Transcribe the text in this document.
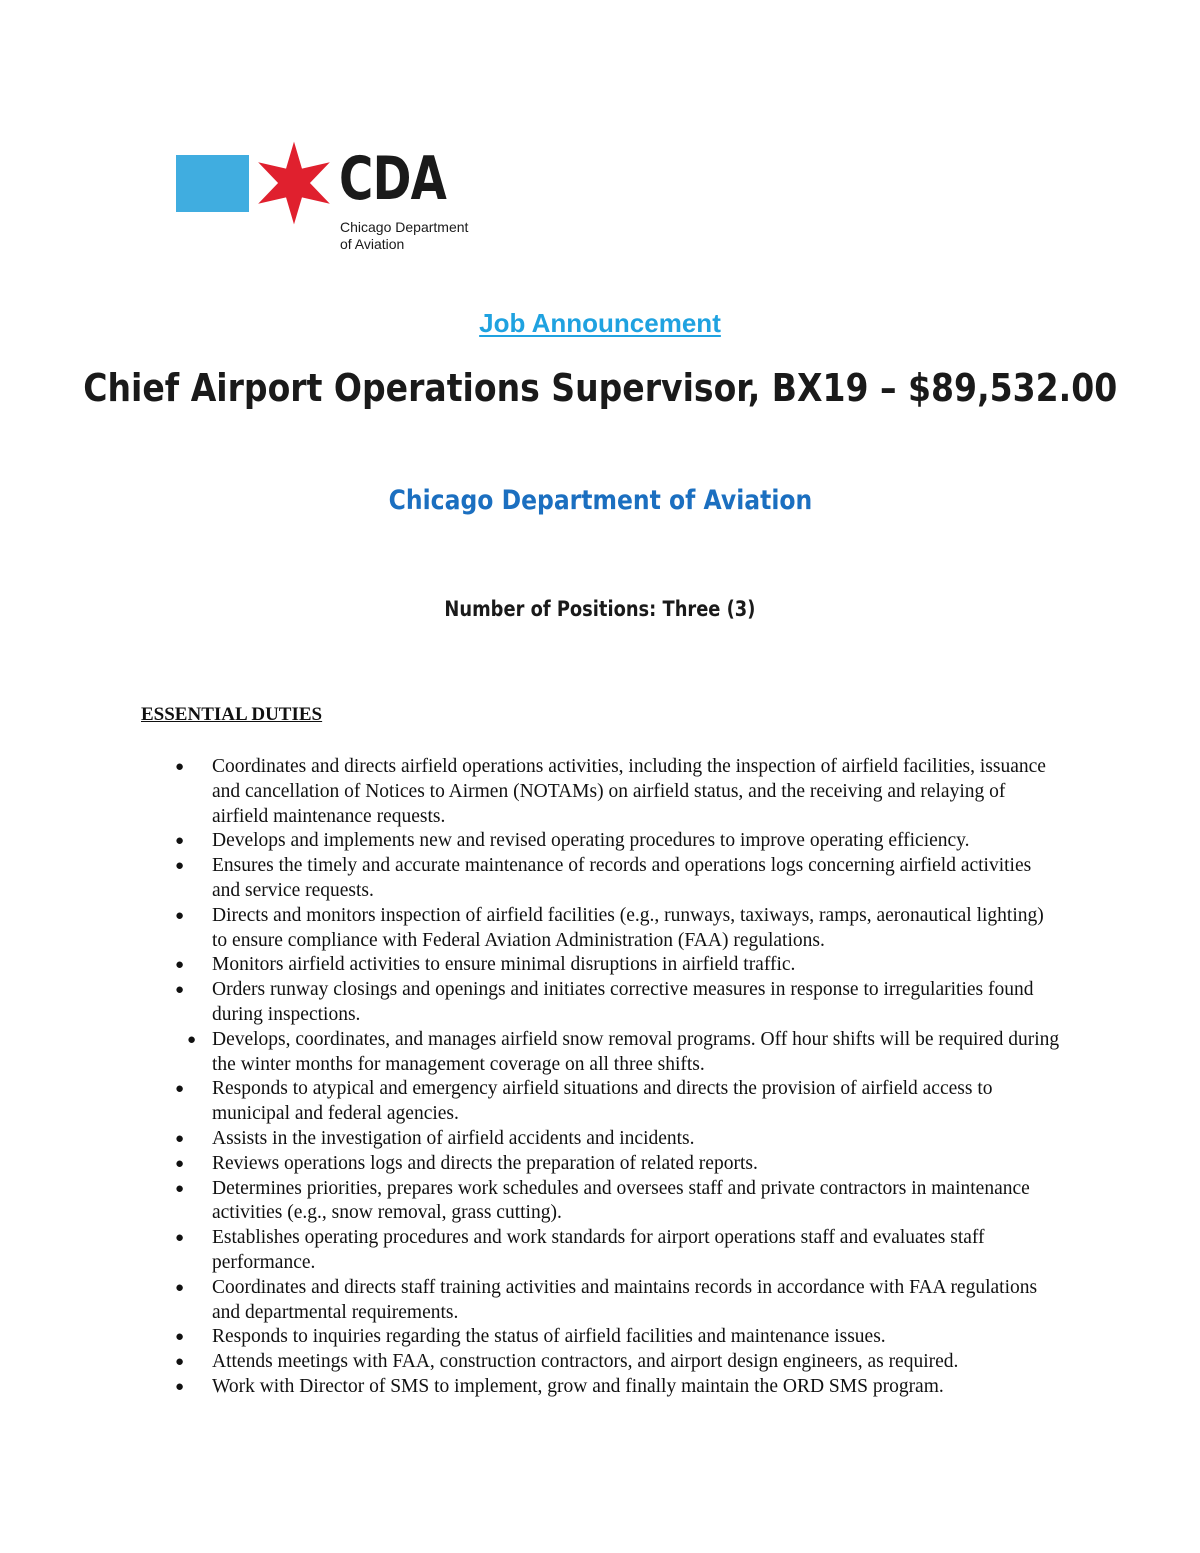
CDA
Chicago Department
of Aviation
Job Announcement
Chief Airport Operations Supervisor, BX19 – $89,532.00
Chicago Department of Aviation
Number of Positions: Three (3)
ESSENTIAL DUTIES
● Coordinates and directs airfield operations activities, including the inspection of airfield facilities, issuance and cancellation of Notices to Airmen (NOTAMs) on airfield status, and the receiving and relaying of airfield maintenance requests.
● Develops and implements new and revised operating procedures to improve operating efficiency.
● Ensures the timely and accurate maintenance of records and operations logs concerning airfield activities and service requests.
● Directs and monitors inspection of airfield facilities (e.g., runways, taxiways, ramps, aeronautical lighting) to ensure compliance with Federal Aviation Administration (FAA) regulations.
● Monitors airfield activities to ensure minimal disruptions in airfield traffic.
● Orders runway closings and openings and initiates corrective measures in response to irregularities found during inspections.
● Develops, coordinates, and manages airfield snow removal programs. Off hour shifts will be required during the winter months for management coverage on all three shifts.
● Responds to atypical and emergency airfield situations and directs the provision of airfield access to municipal and federal agencies.
● Assists in the investigation of airfield accidents and incidents.
● Reviews operations logs and directs the preparation of related reports.
● Determines priorities, prepares work schedules and oversees staff and private contractors in maintenance activities (e.g., snow removal, grass cutting).
● Establishes operating procedures and work standards for airport operations staff and evaluates staff performance.
● Coordinates and directs staff training activities and maintains records in accordance with FAA regulations and departmental requirements.
● Responds to inquiries regarding the status of airfield facilities and maintenance issues.
● Attends meetings with FAA, construction contractors, and airport design engineers, as required.
● Work with Director of SMS to implement, grow and finally maintain the ORD SMS program.
